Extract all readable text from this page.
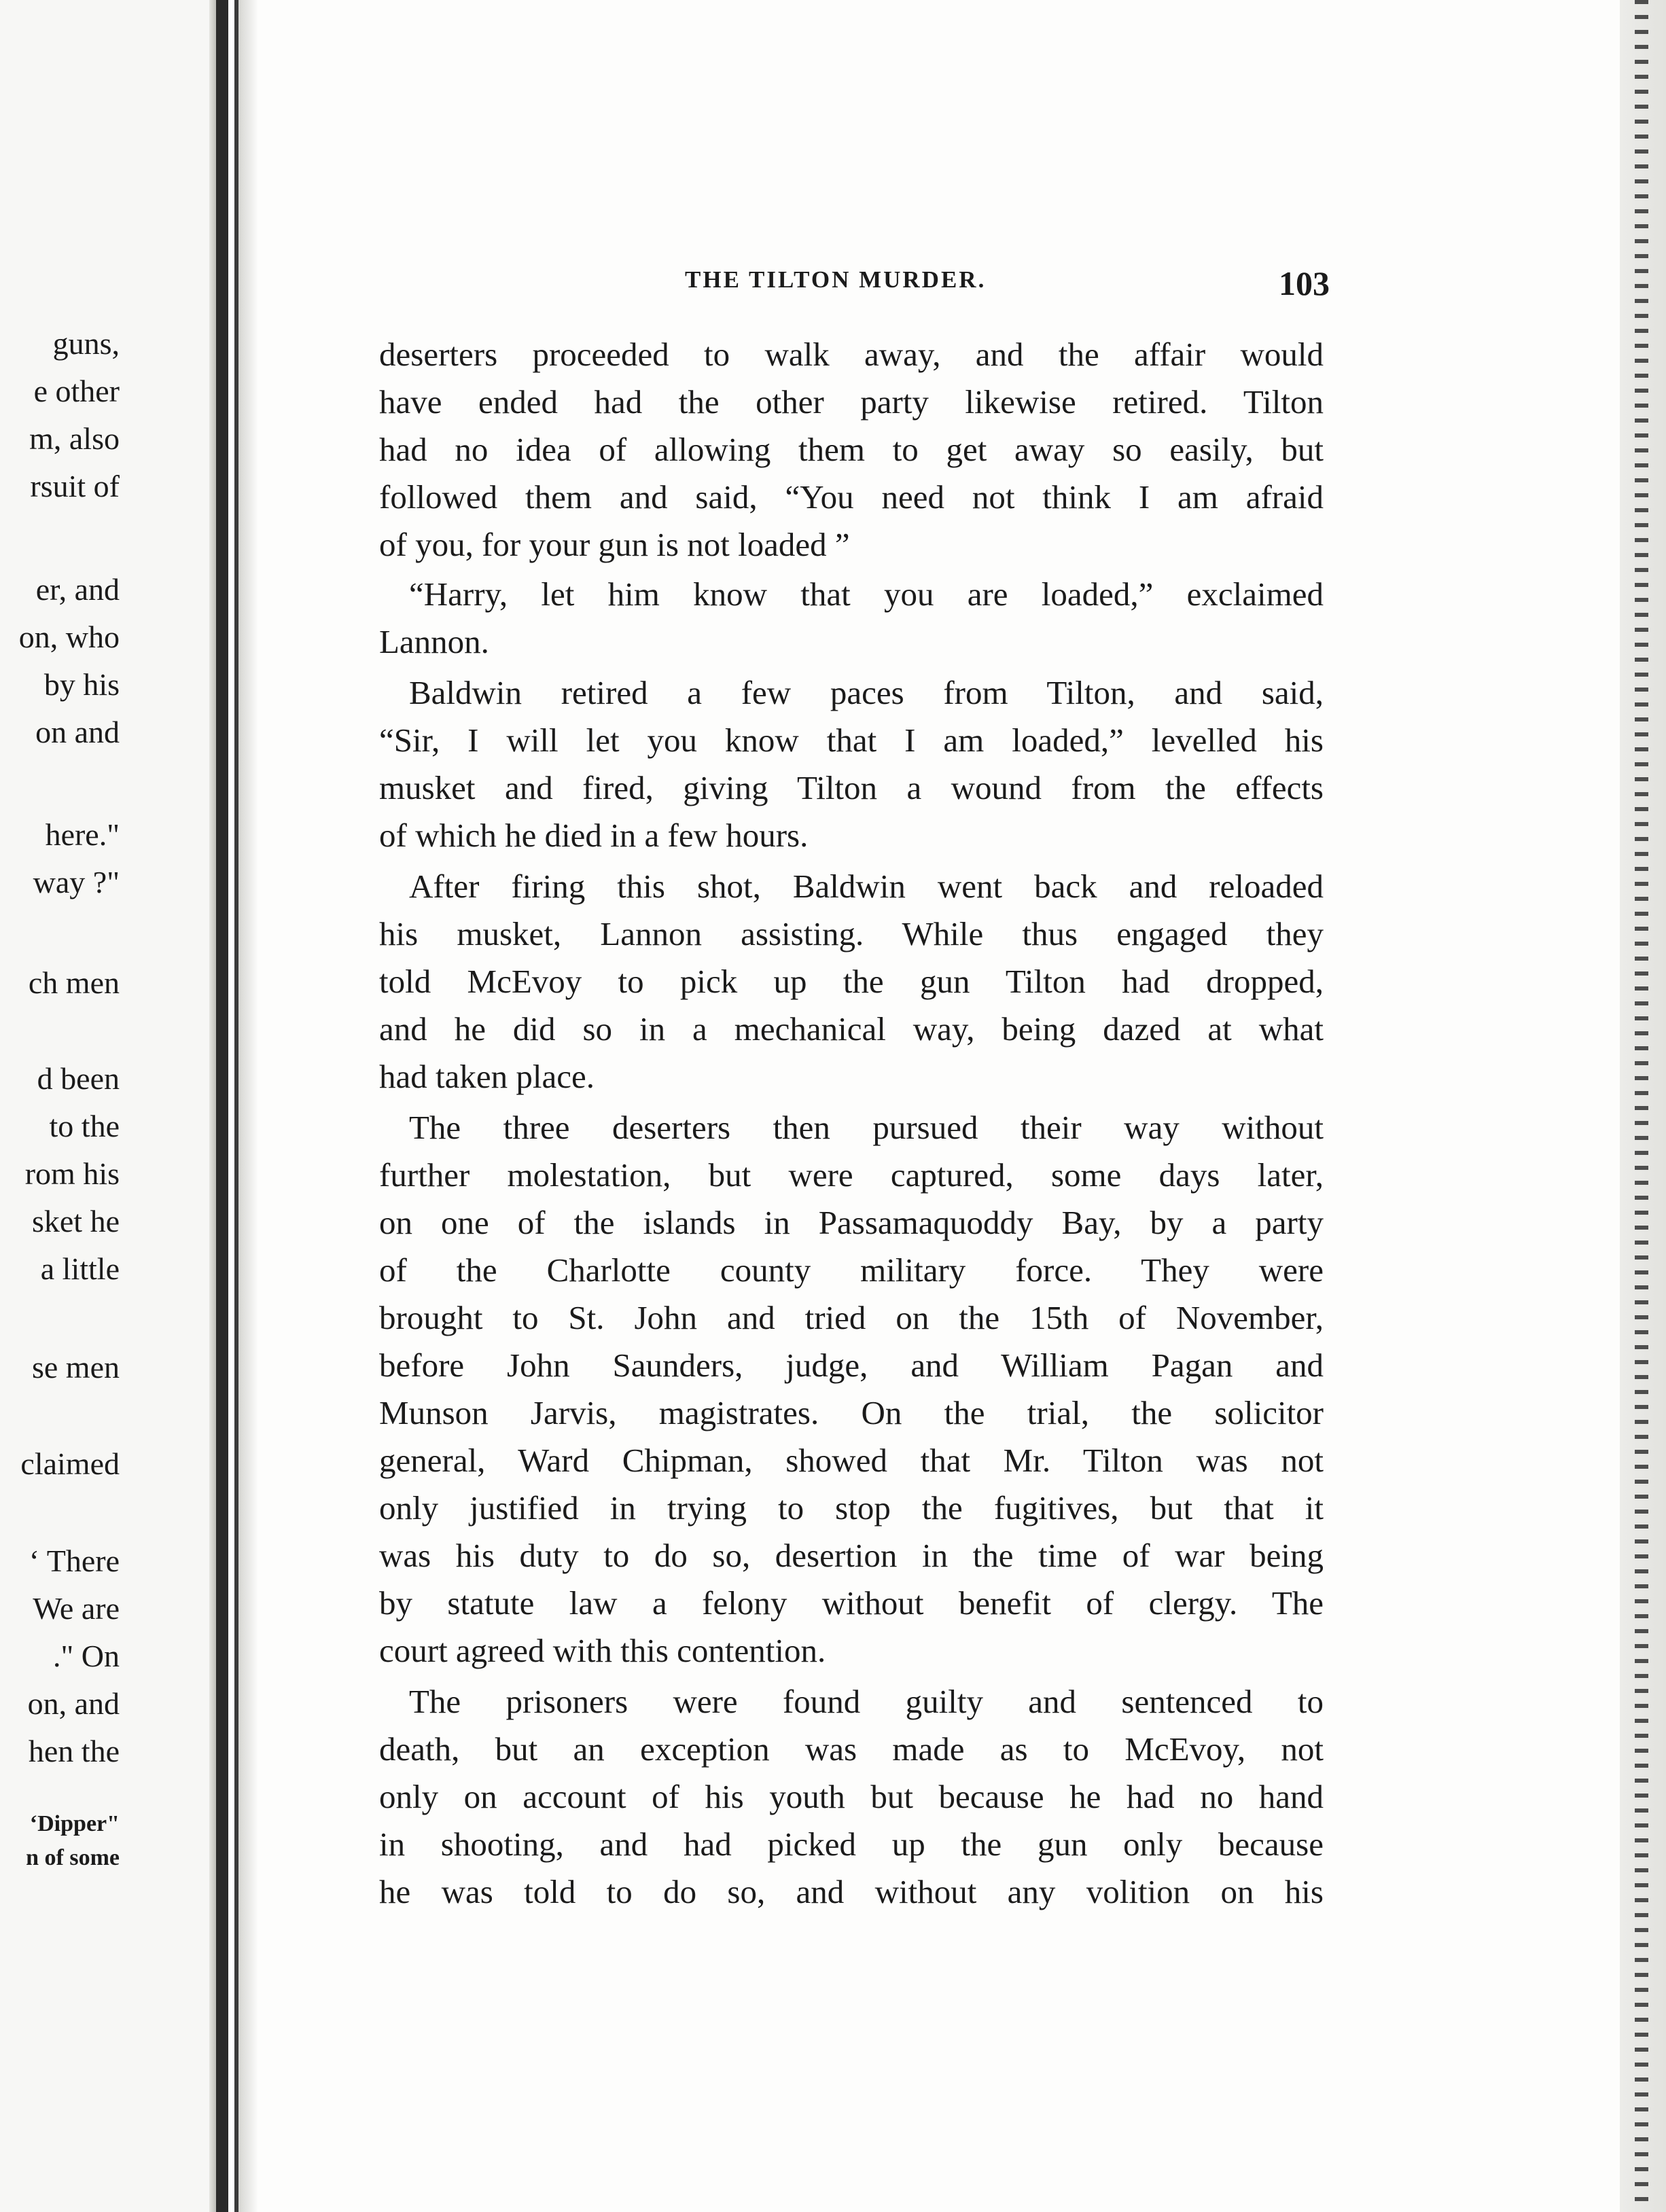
guns,
e other
m, also
rsuit of
er, and
on, who
by his
on and
here."
way ?"
ch men
d been
to the
rom his
sket he
a little
se men
claimed
‘ There
We are
." On
on, and
hen the
‘Dipper"
n of some
THE TILTON MURDER.	103
deserters proceeded to walk away, and the affair would
have ended had the other party likewise retired. Tilton
had no idea of allowing them to get away so easily, but
followed them and said, “You need not think I am afraid
of you, for your gun is not loaded ”
“Harry, let him know that you are loaded,” exclaimed
Lannon.
Baldwin retired a few paces from Tilton, and said,
“Sir, I will let you know that I am loaded,” levelled his
musket and fired, giving Tilton a wound from the effects
of which he died in a few hours.
After firing this shot, Baldwin went back and reloaded
his musket, Lannon assisting. While thus engaged they
told McEvoy to pick up the gun Tilton had dropped,
and he did so in a mechanical way, being dazed at what
had taken place.
The three deserters then pursued their way without
further molestation, but were captured, some days later,
on one of the islands in Passamaquoddy Bay, by a party
of the Charlotte county military force. They were
brought to St. John and tried on the 15th of November,
before John Saunders, judge, and William Pagan and
Munson Jarvis, magistrates. On the trial, the solicitor
general, Ward Chipman, showed that Mr. Tilton was not
only justified in trying to stop the fugitives, but that it
was his duty to do so, desertion in the time of war being
by statute law a felony without benefit of clergy. The
court agreed with this contention.
The prisoners were found guilty and sentenced to
death, but an exception was made as to McEvoy, not
only on account of his youth but because he had no hand
in shooting, and had picked up the gun only because
he was told to do so, and without any volition on his
